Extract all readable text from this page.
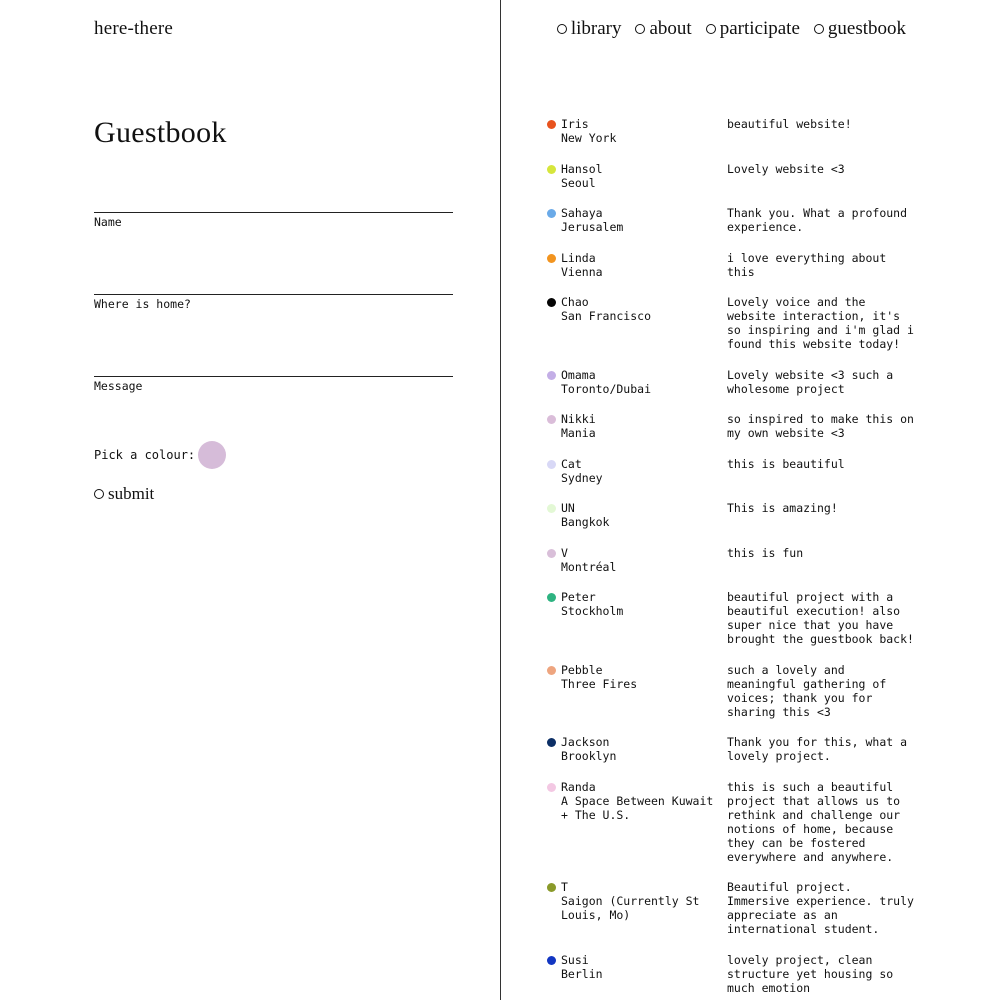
here-there	library about participate guestbook
Guestbook
Name
Where is home?
Message
Pick a colour:
submit
Iris
New York
beautiful website!
Hansol
Seoul
Lovely website <3
Sahaya
Jerusalem
Thank you. What a profound experience.
Linda
Vienna
i love everything about this
Chao
San Francisco
Lovely voice and the website interaction, it's so inspiring and i'm glad i found this website today!
Omama
Toronto/Dubai
Lovely website <3 such a wholesome project
Nikki
Mania
so inspired to make this on my own website <3
Cat
Sydney
this is beautiful
UN
Bangkok
This is amazing!
V
Montréal
this is fun
Peter
Stockholm
beautiful project with a beautiful execution! also super nice that you have brought the guestbook back!
Pebble
Three Fires
such a lovely and meaningful gathering of voices; thank you for sharing this <3
Jackson
Brooklyn
Thank you for this, what a lovely project.
Randa
A Space Between Kuwait + The U.S.
this is such a beautiful project that allows us to rethink and challenge our notions of home, because they can be fostered everywhere and anywhere.
T
Saigon (Currently St Louis, Mo)
Beautiful project. Immersive experience. truly appreciate as an international student.
Susi
Berlin
lovely project, clean structure yet housing so much emotion
